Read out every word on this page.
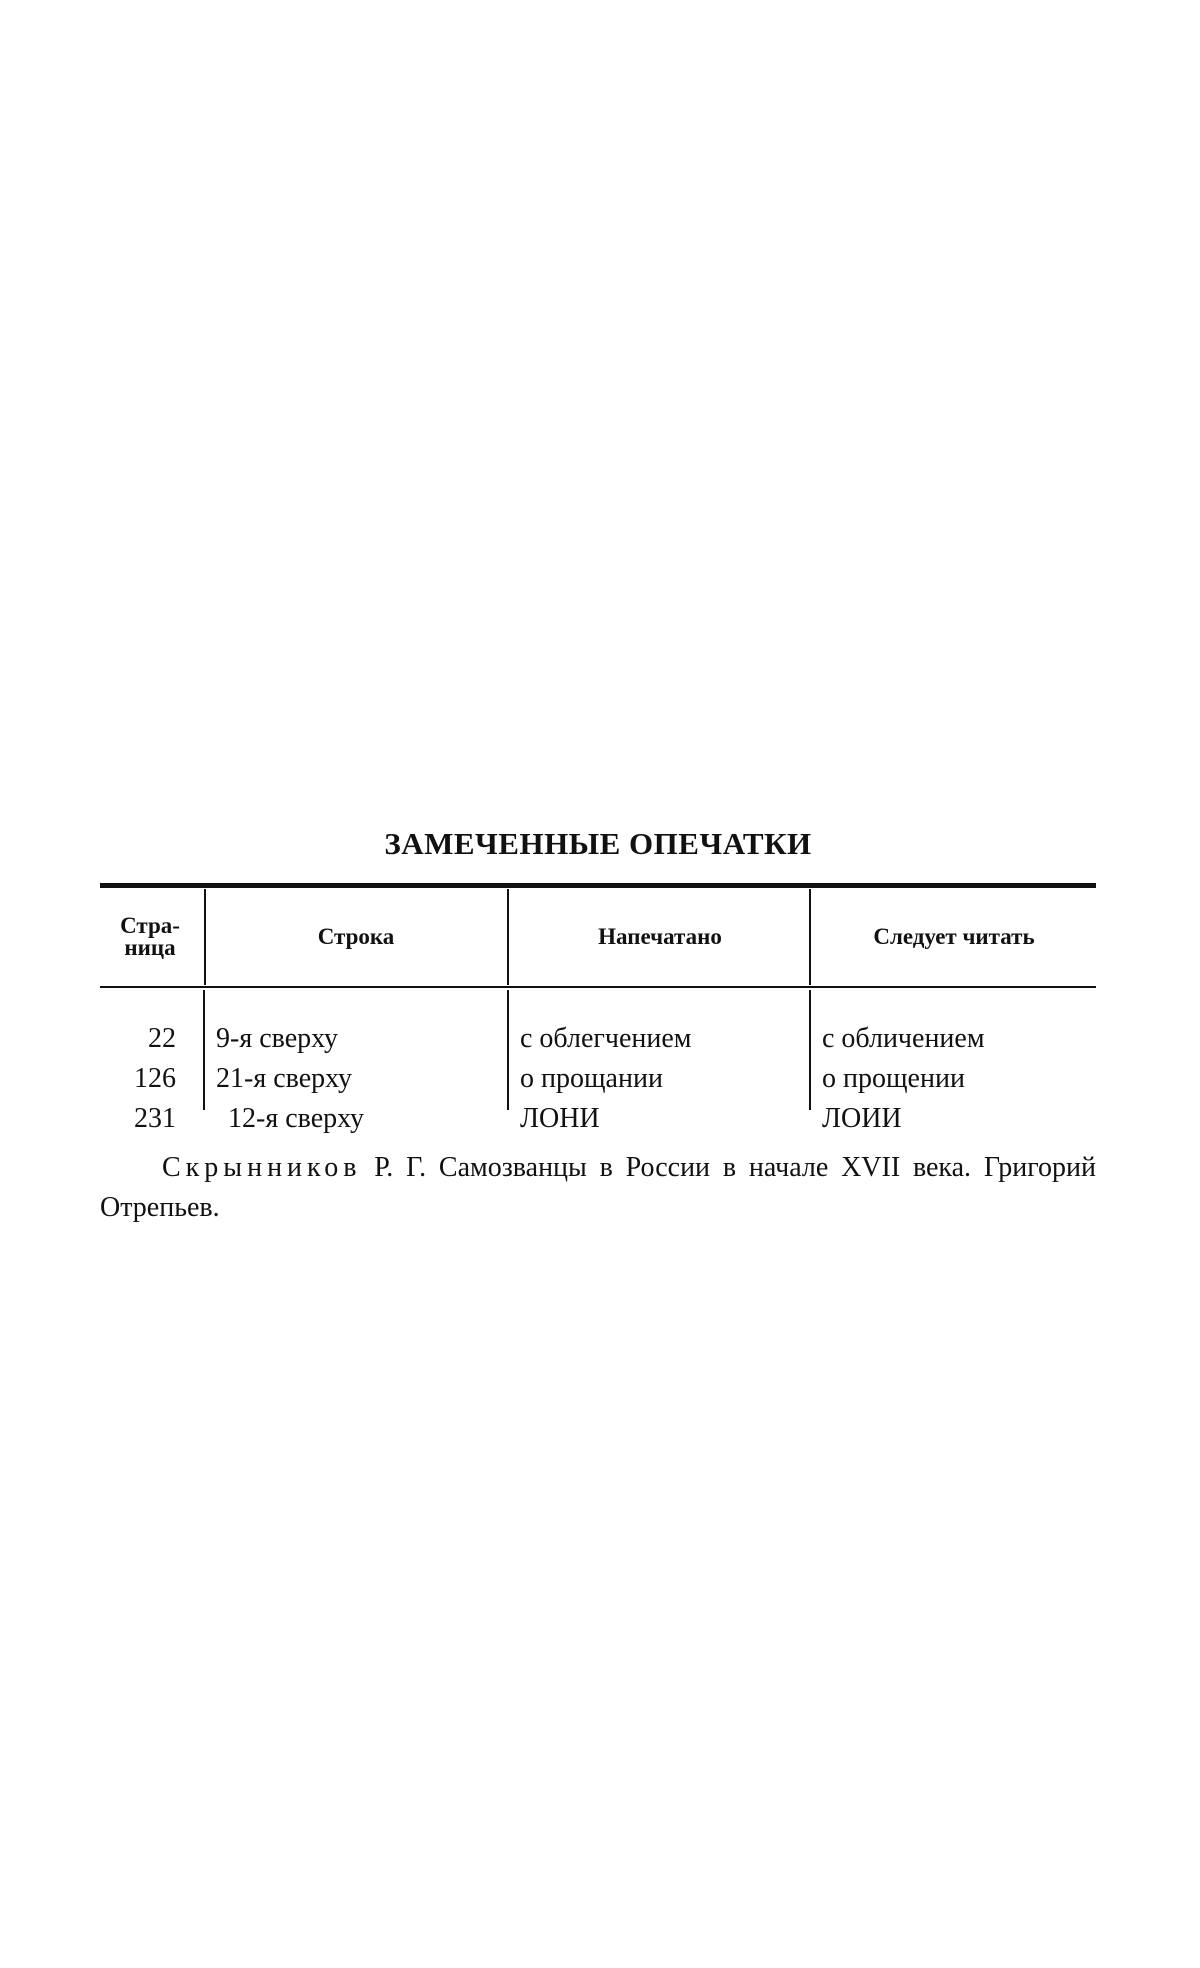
ЗАМЕЧЕННЫЕ ОПЕЧАТКИ
Стра-
ница	Строка	Напечатано	Следует читать
22	9-я сверху	с облегчением	с обличением
126 21-я сверху	о прощании	о прощении
231 12-я сверху	ЛОНИ	ЛОИИ
Скрынников Р. Г. Самозванцы в России в начале XVII века. Григорий Отрепьев.
